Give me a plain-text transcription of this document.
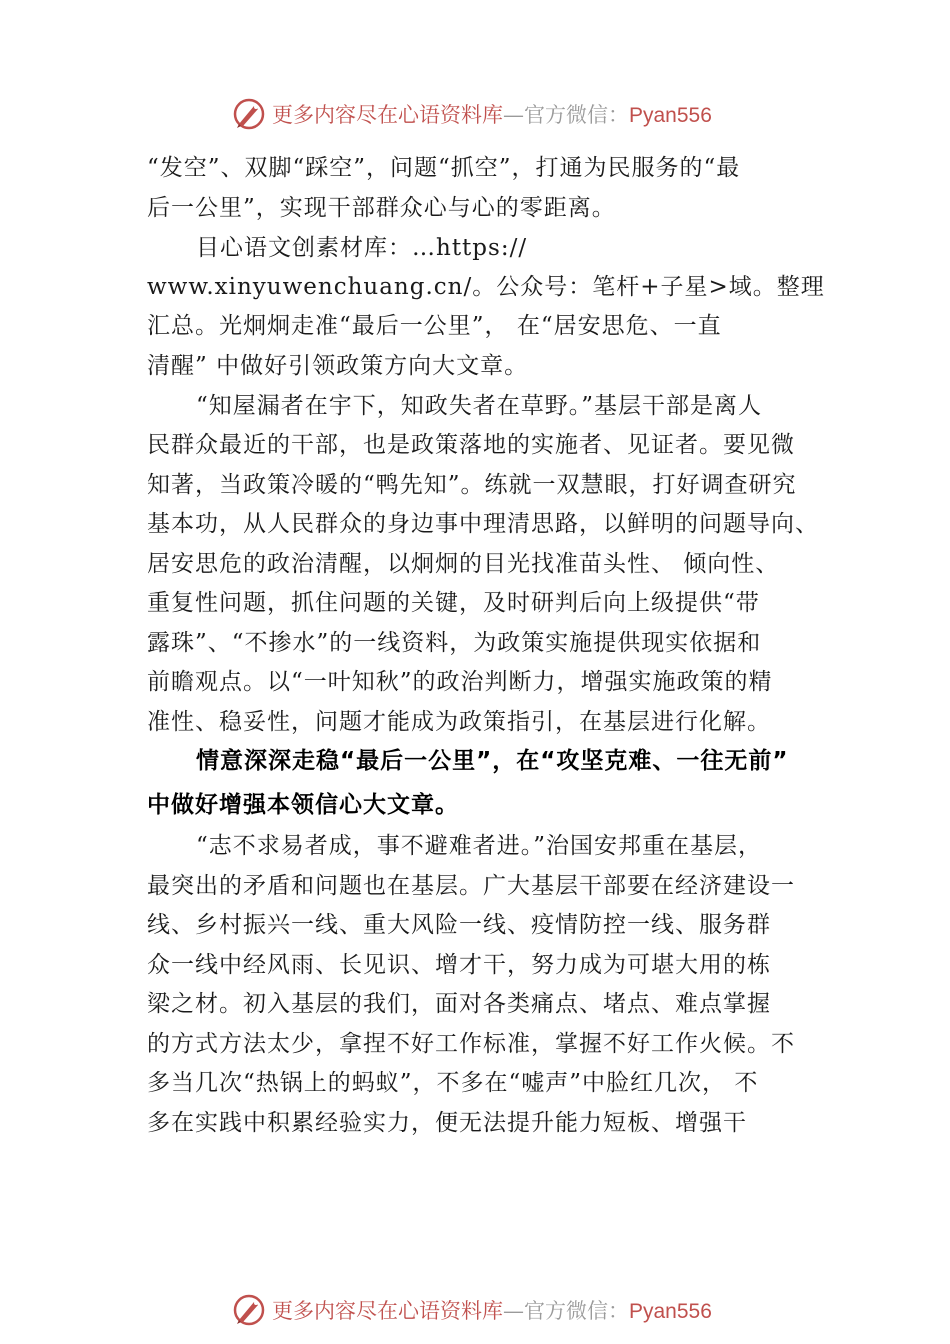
更多内容尽在心语资料库—官方微信：Pyan556
“发空”、双脚“踩空”，问题“抓空”，打通为民服务的“最
后一公里”，实现干部群众心与心的零距离。
目心语文创素材库：…https://
www.xinyuwenchuang.cn/。公众号：笔杆+子星>域。整理
汇总。光炯炯走准“最后一公里”， 在“居安思危、一直
清醒” 中做好引领政策方向大文章。
“知屋漏者在宇下，知政失者在草野。”基层干部是离人
民群众最近的干部，也是政策落地的实施者、见证者。要见微
知著，当政策冷暖的“鸭先知”。练就一双慧眼，打好调查研究
基本功，从人民群众的身边事中理清思路，以鲜明的问题导向、
居安思危的政治清醒，以炯炯的目光找准苗头性、 倾向性、
重复性问题，抓住问题的关键，及时研判后向上级提供“带
露珠”、“不掺水”的一线资料，为政策实施提供现实依据和
前瞻观点。以“一叶知秋”的政治判断力，增强实施政策的精
准性、稳妥性，问题才能成为政策指引，在基层进行化解。
情意深深走稳“最后一公里”，在“攻坚克难、一往无前”
中做好增强本领信心大文章。
“志不求易者成，事不避难者进。”治国安邦重在基层，
最突出的矛盾和问题也在基层。广大基层干部要在经济建设一
线、乡村振兴一线、重大风险一线、疫情防控一线、服务群
众一线中经风雨、长见识、增才干，努力成为可堪大用的栋
梁之材。初入基层的我们，面对各类痛点、堵点、难点掌握
的方式方法太少，拿捏不好工作标准，掌握不好工作火候。不
多当几次“热锅上的蚂蚁”，不多在“嘘声”中脸红几次， 不
多在实践中积累经验实力，便无法提升能力短板、增强干
更多内容尽在心语资料库—官方微信：Pyan556
